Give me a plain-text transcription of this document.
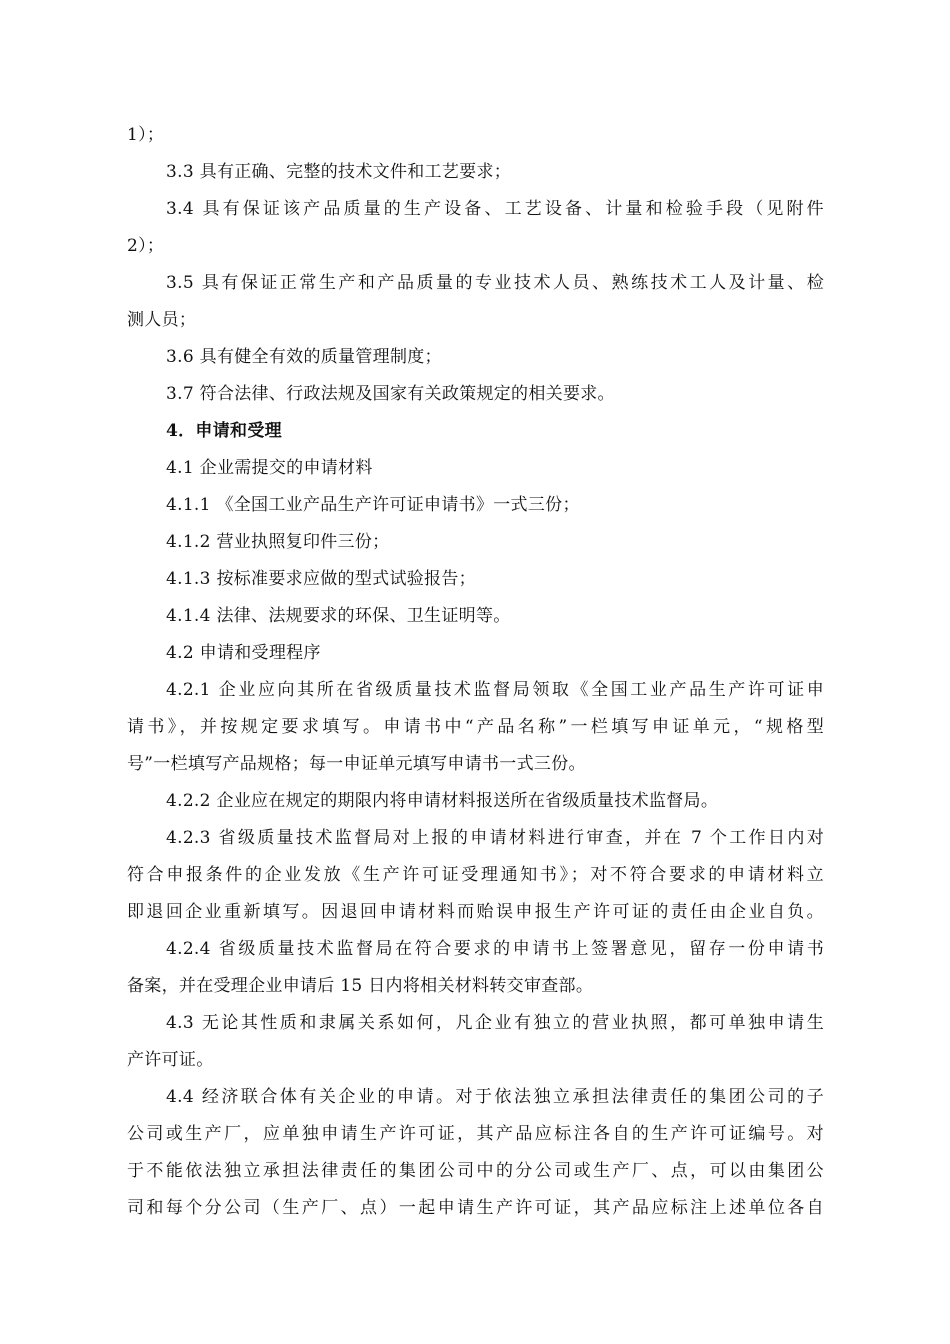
1）；
3.3 具有正确、完整的技术文件和工艺要求；
3.4 具有保证该产品质量的生产设备、工艺设备、计量和检验手段（见附件
2）；
3.5 具有保证正常生产和产品质量的专业技术人员、熟练技术工人及计量、检
测人员；
3.6 具有健全有效的质量管理制度；
3.7 符合法律、行政法规及国家有关政策规定的相关要求。
4．申请和受理
4.1 企业需提交的申请材料
4.1.1 《全国工业产品生产许可证申请书》一式三份；
4.1.2 营业执照复印件三份；
4.1.3 按标准要求应做的型式试验报告；
4.1.4 法律、法规要求的环保、卫生证明等。
4.2 申请和受理程序
4.2.1 企业应向其所在省级质量技术监督局领取《全国工业产品生产许可证申
请书》，并按规定要求填写。申请书中“产品名称”一栏填写申证单元，“规格型
号”一栏填写产品规格；每一申证单元填写申请书一式三份。
4.2.2 企业应在规定的期限内将申请材料报送所在省级质量技术监督局。
4.2.3 省级质量技术监督局对上报的申请材料进行审查，并在 7 个工作日内对
符合申报条件的企业发放《生产许可证受理通知书》；对不符合要求的申请材料立
即退回企业重新填写。因退回申请材料而贻误申报生产许可证的责任由企业自负。
4.2.4 省级质量技术监督局在符合要求的申请书上签署意见，留存一份申请书
备案，并在受理企业申请后 15 日内将相关材料转交审查部。
4.3 无论其性质和隶属关系如何，凡企业有独立的营业执照，都可单独申请生
产许可证。
4.4 经济联合体有关企业的申请。对于依法独立承担法律责任的集团公司的子
公司或生产厂，应单独申请生产许可证，其产品应标注各自的生产许可证编号。对
于不能依法独立承担法律责任的集团公司中的分公司或生产厂、点，可以由集团公
司和每个分公司（生产厂、点）一起申请生产许可证，其产品应标注上述单位各自
